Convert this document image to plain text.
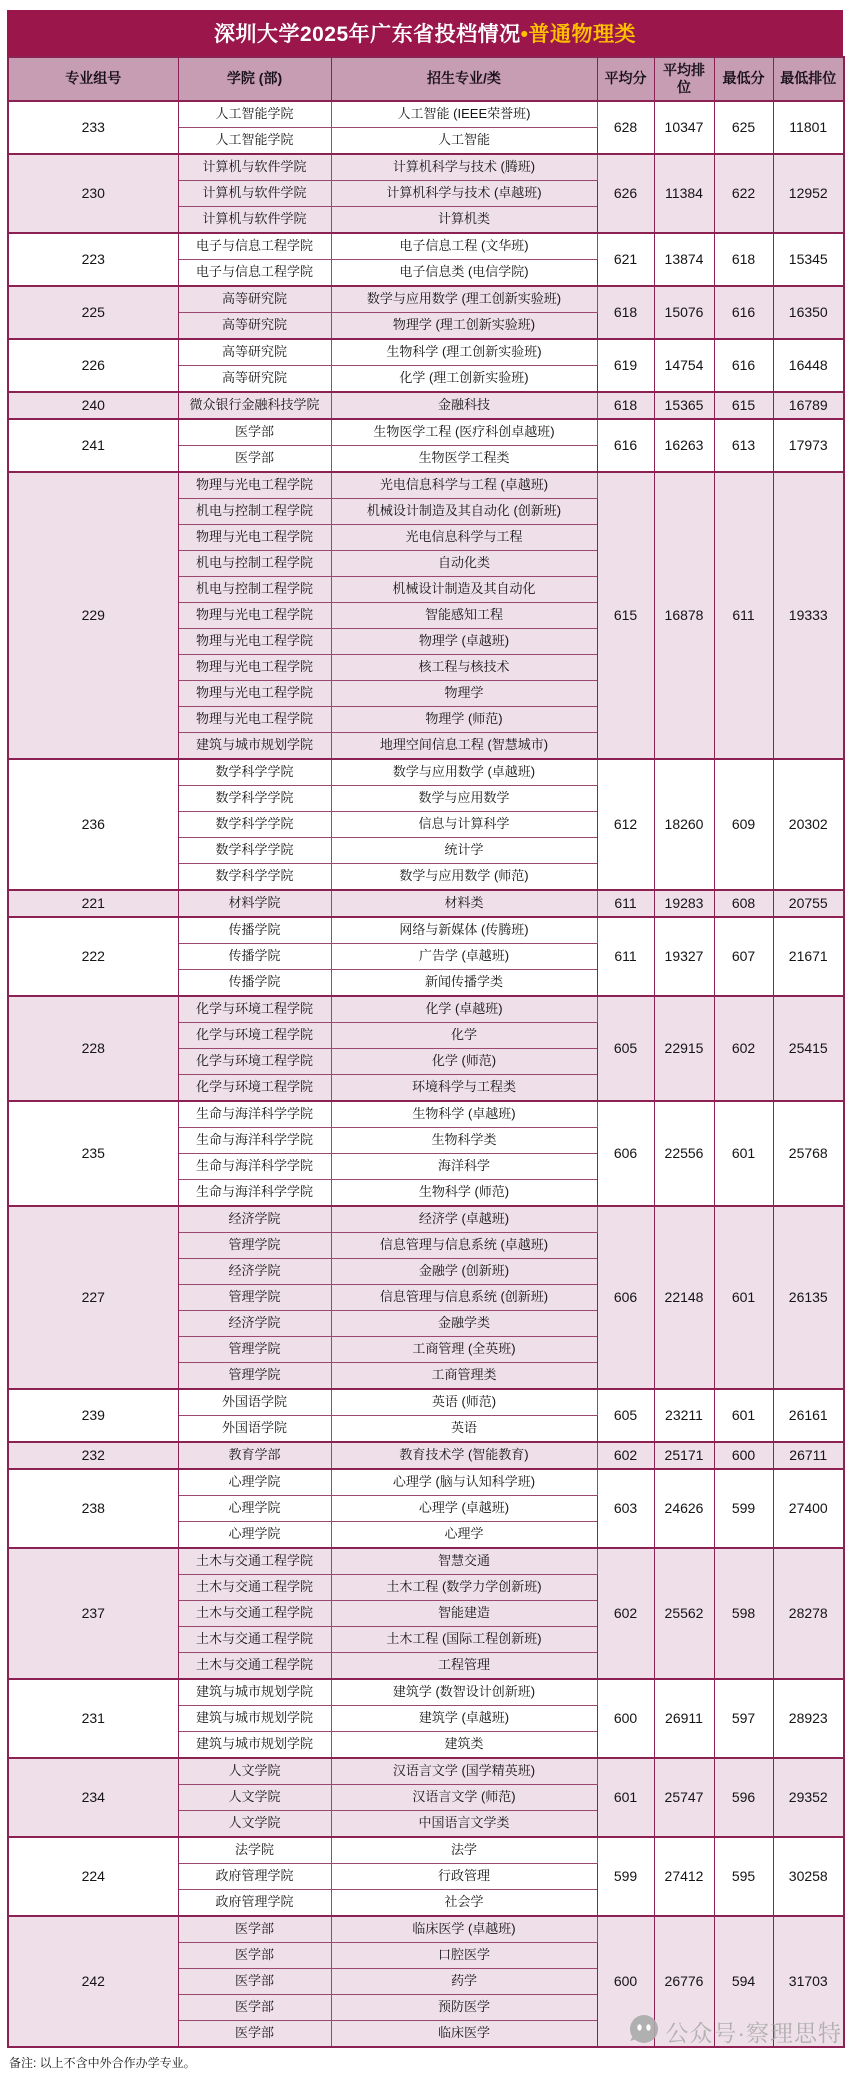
深圳大学2025年广东省投档情况 •普通物理类
专业组号	学院 (部)	招生专业/类	平均分	平均排位	最低分	最低排位
233	人工智能学院	人工智能 (IEEE荣誉班)	628	10347	625	11801
	人工智能学院	人工智能				
230	计算机与软件学院	计算机科学与技术 (腾班)	626	11384	622	12952
	计算机与软件学院	计算机科学与技术 (卓越班)				
	计算机与软件学院	计算机类				
223	电子与信息工程学院	电子信息工程 (文华班)	621	13874	618	15345
	电子与信息工程学院	电子信息类 (电信学院)				
225	高等研究院	数学与应用数学 (理工创新实验班)	618	15076	616	16350
	高等研究院	物理学 (理工创新实验班)				
226	高等研究院	生物科学 (理工创新实验班)	619	14754	616	16448
	高等研究院	化学 (理工创新实验班)				
240	微众银行金融科技学院	金融科技	618	15365	615	16789
241	医学部	生物医学工程 (医疗科创卓越班)	616	16263	613	17973
	医学部	生物医学工程类				
229	物理与光电工程学院	光电信息科学与工程 (卓越班)	615	16878	611	19333
	机电与控制工程学院	机械设计制造及其自动化 (创新班)				
	物理与光电工程学院	光电信息科学与工程				
	机电与控制工程学院	自动化类				
	机电与控制工程学院	机械设计制造及其自动化				
	物理与光电工程学院	智能感知工程				
	物理与光电工程学院	物理学 (卓越班)				
	物理与光电工程学院	核工程与核技术				
	物理与光电工程学院	物理学				
	物理与光电工程学院	物理学 (师范)				
	建筑与城市规划学院	地理空间信息工程 (智慧城市)				
236	数学科学学院	数学与应用数学 (卓越班)	612	18260	609	20302
	数学科学学院	数学与应用数学				
	数学科学学院	信息与计算科学				
	数学科学学院	统计学				
	数学科学学院	数学与应用数学 (师范)				
221	材料学院	材料类	611	19283	608	20755
222	传播学院	网络与新媒体 (传腾班)	611	19327	607	21671
	传播学院	广告学 (卓越班)				
	传播学院	新闻传播学类				
228	化学与环境工程学院	化学 (卓越班)	605	22915	602	25415
	化学与环境工程学院	化学				
	化学与环境工程学院	化学 (师范)				
	化学与环境工程学院	环境科学与工程类				
235	生命与海洋科学学院	生物科学 (卓越班)	606	22556	601	25768
	生命与海洋科学学院	生物科学类				
	生命与海洋科学学院	海洋科学				
	生命与海洋科学学院	生物科学 (师范)				
227	经济学院	经济学 (卓越班)	606	22148	601	26135
	管理学院	信息管理与信息系统 (卓越班)				
	经济学院	金融学 (创新班)				
	管理学院	信息管理与信息系统 (创新班)				
	经济学院	金融学类				
	管理学院	工商管理 (全英班)				
	管理学院	工商管理类				
239	外国语学院	英语 (师范)	605	23211	601	26161
	外国语学院	英语				
232	教育学部	教育技术学 (智能教育)	602	25171	600	26711
238	心理学院	心理学 (脑与认知科学班)	603	24626	599	27400
	心理学院	心理学 (卓越班)				
	心理学院	心理学				
237	土木与交通工程学院	智慧交通	602	25562	598	28278
	土木与交通工程学院	土木工程 (数学力学创新班)				
	土木与交通工程学院	智能建造				
	土木与交通工程学院	土木工程 (国际工程创新班)				
	土木与交通工程学院	工程管理				
231	建筑与城市规划学院	建筑学 (数智设计创新班)	600	26911	597	28923
	建筑与城市规划学院	建筑学 (卓越班)				
	建筑与城市规划学院	建筑类				
234	人文学院	汉语言文学 (国学精英班)	601	25747	596	29352
	人文学院	汉语言文学 (师范)				
	人文学院	中国语言文学类				
224	法学院	法学	599	27412	595	30258
	政府管理学院	行政管理				
	政府管理学院	社会学				
242	医学部	临床医学 (卓越班)	600	26776	594	31703
	医学部	口腔医学				
	医学部	药学				
	医学部	预防医学				
	医学部	临床医学				
备注: 以上不含中外合作办学专业。
公众号·察理思特
